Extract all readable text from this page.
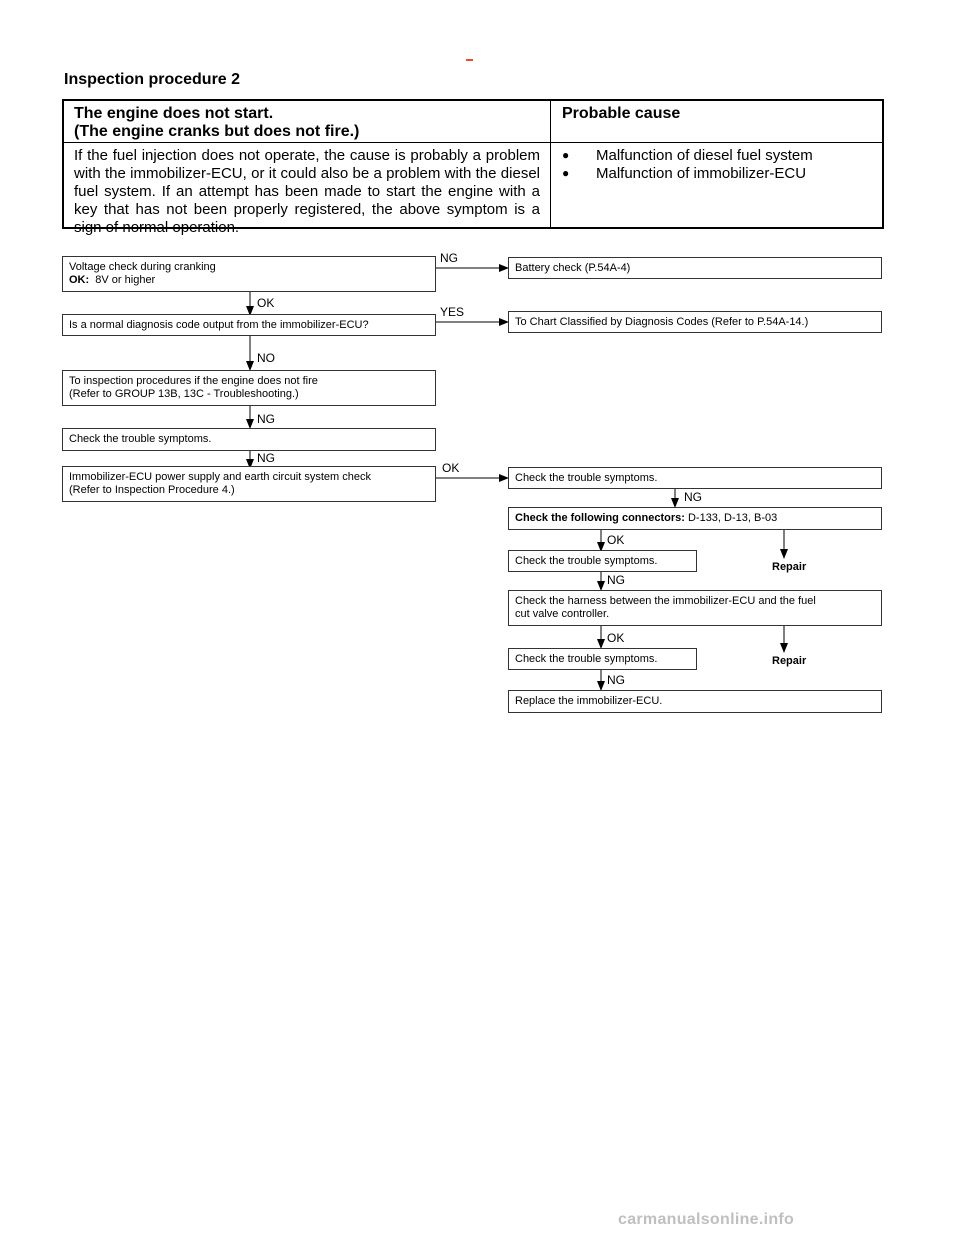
Inspection procedure 2
The engine does not start.
(The engine cranks but does not fire.)
Probable cause
If the fuel injection does not operate, the cause is probably a problem with the immobilizer-ECU, or it could also be a problem with the diesel fuel system. If an attempt has been made to start the engine with a key that has not been properly registered, the above symptom is a sign of normal operation.
● Malfunction of diesel fuel system
● Malfunction of immobilizer-ECU
Voltage check during cranking
OK: 8V or higher
Battery check (P.54A-4)
Is a normal diagnosis code output from the immobilizer-ECU?	To Chart Classified by Diagnosis Codes (Refer to P.54A-14.)
To inspection procedures if the engine does not fire
(Refer to GROUP 13B, 13C - Troubleshooting.)
Check the trouble symptoms.
Immobilizer-ECU power supply and earth circuit system check
(Refer to Inspection Procedure 4.)
Check the trouble symptoms.
Check the following connectors: D-133, D-13, B-03
Check the trouble symptoms.
Check the harness between the immobilizer-ECU and the fuel
cut valve controller.
Check the trouble symptoms.
Replace the immobilizer-ECU.
NG
OK
YES
NO
NG
NG
OK
NG
OK
NG
OK
NG
Repair
Repair
carmanualsonline.info
